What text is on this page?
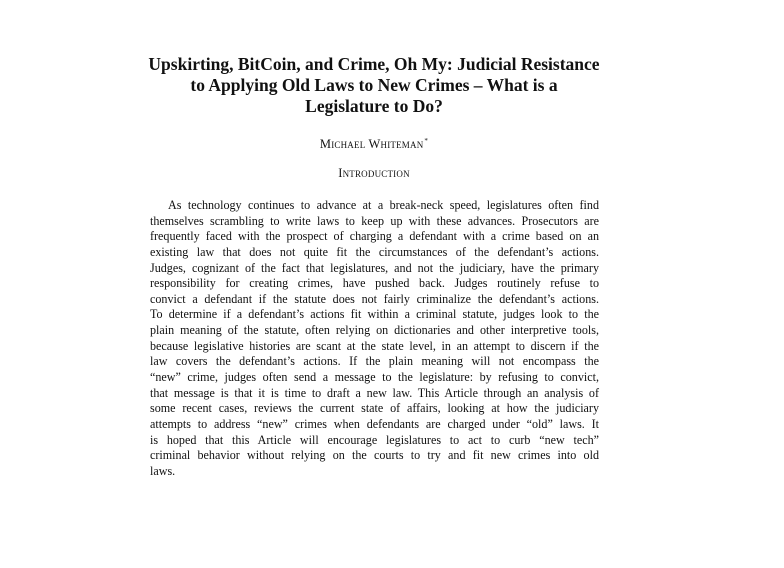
Upskirting, BitCoin, and Crime, Oh My: Judicial Resistance
to Applying Old Laws to New Crimes – What is a
Legislature to Do?
Michael Whiteman*
Introduction
As technology continues to advance at a break-neck speed, legislatures often find
themselves scrambling to write laws to keep up with these advances. Prosecutors are
frequently faced with the prospect of charging a defendant with a crime based on an
existing law that does not quite fit the circumstances of the defendant’s actions.
Judges, cognizant of the fact that legislatures, and not the judiciary, have the primary
responsibility for creating crimes, have pushed back. Judges routinely refuse to
convict a defendant if the statute does not fairly criminalize the defendant’s actions.
To determine if a defendant’s actions fit within a criminal statute, judges look to the
plain meaning of the statute, often relying on dictionaries and other interpretive tools,
because legislative histories are scant at the state level, in an attempt to discern if the
law covers the defendant’s actions. If the plain meaning will not encompass the
“new” crime, judges often send a message to the legislature: by refusing to convict,
that message is that it is time to draft a new law. This Article through an analysis of
some recent cases, reviews the current state of affairs, looking at how the judiciary
attempts to address “new” crimes when defendants are charged under “old” laws. It
is hoped that this Article will encourage legislatures to act to curb “new tech”
criminal behavior without relying on the courts to try and fit new crimes into old
laws.
